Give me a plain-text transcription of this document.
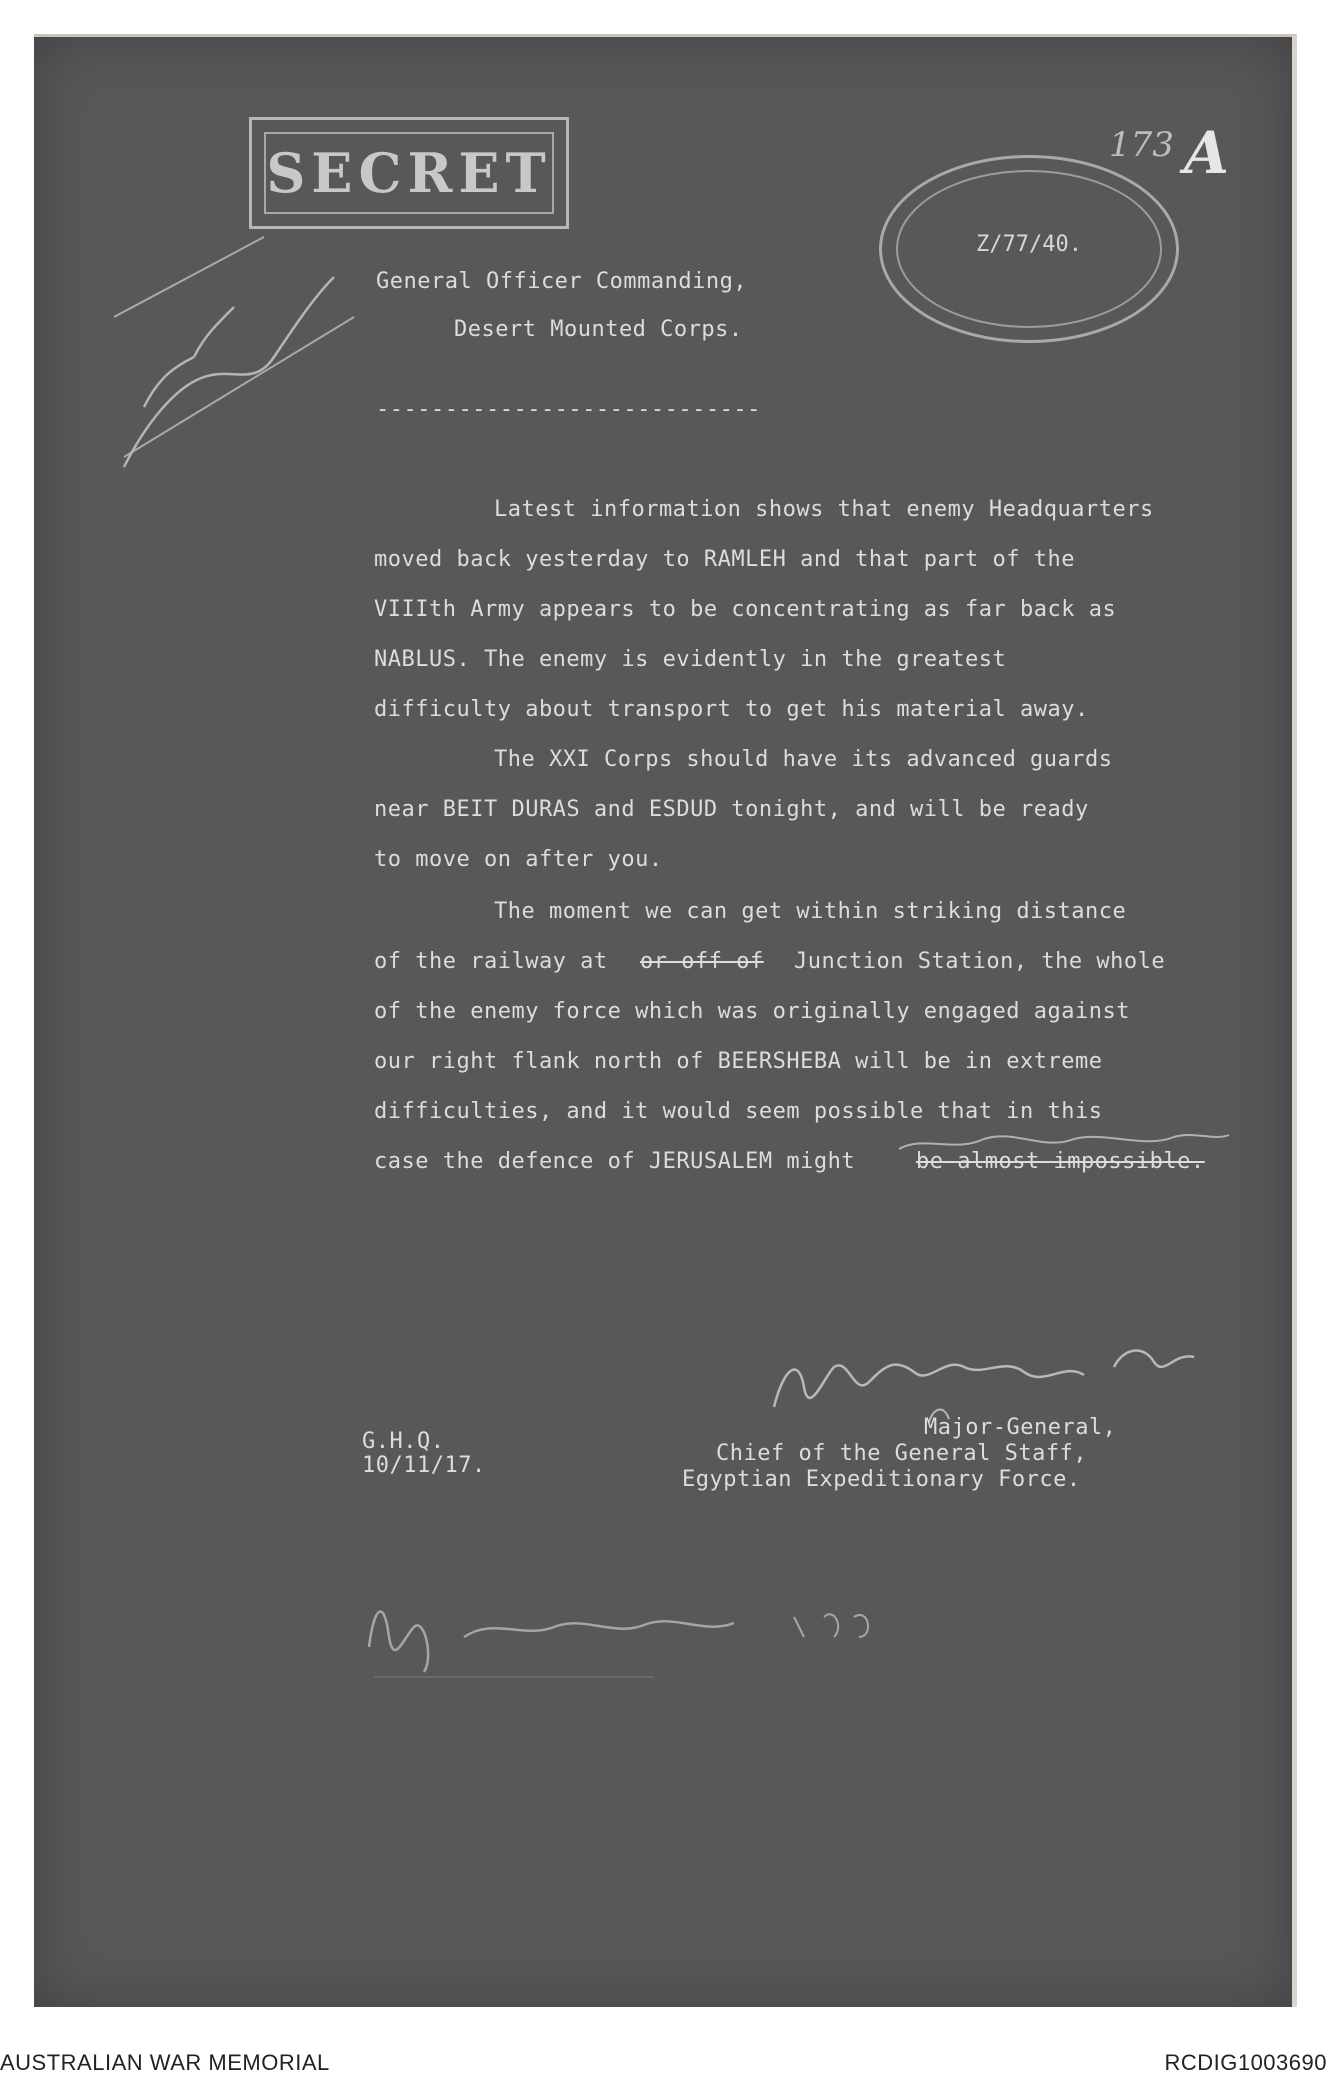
SECRET
Z/77/40.
173 A
General Officer Commanding,
Desert Mounted Corps.
----------------------------
Latest information shows that enemy Headquarters
moved back yesterday to RAMLEH and that part of the
VIIIth Army appears to be concentrating as far back as
NABLUS. The enemy is evidently in the greatest
difficulty about transport to get his material away.
The XXI Corps should have its advanced guards
near BEIT DURAS and ESDUD tonight, and will be ready
to move on after you.
The moment we can get within striking distance
of the railway at or off of Junction Station, the whole
of the enemy force which was originally engaged against
our right flank north of BEERSHEBA will be in extreme
difficulties, and it would seem possible that in this
case the defence of JERUSALEM might	be almost impossible.
G.H.Q.
10/11/17.
Major-General,
Chief of the General Staff,
Egyptian Expeditionary Force.
AUSTRALIAN WAR MEMORIAL	RCDIG1003690
